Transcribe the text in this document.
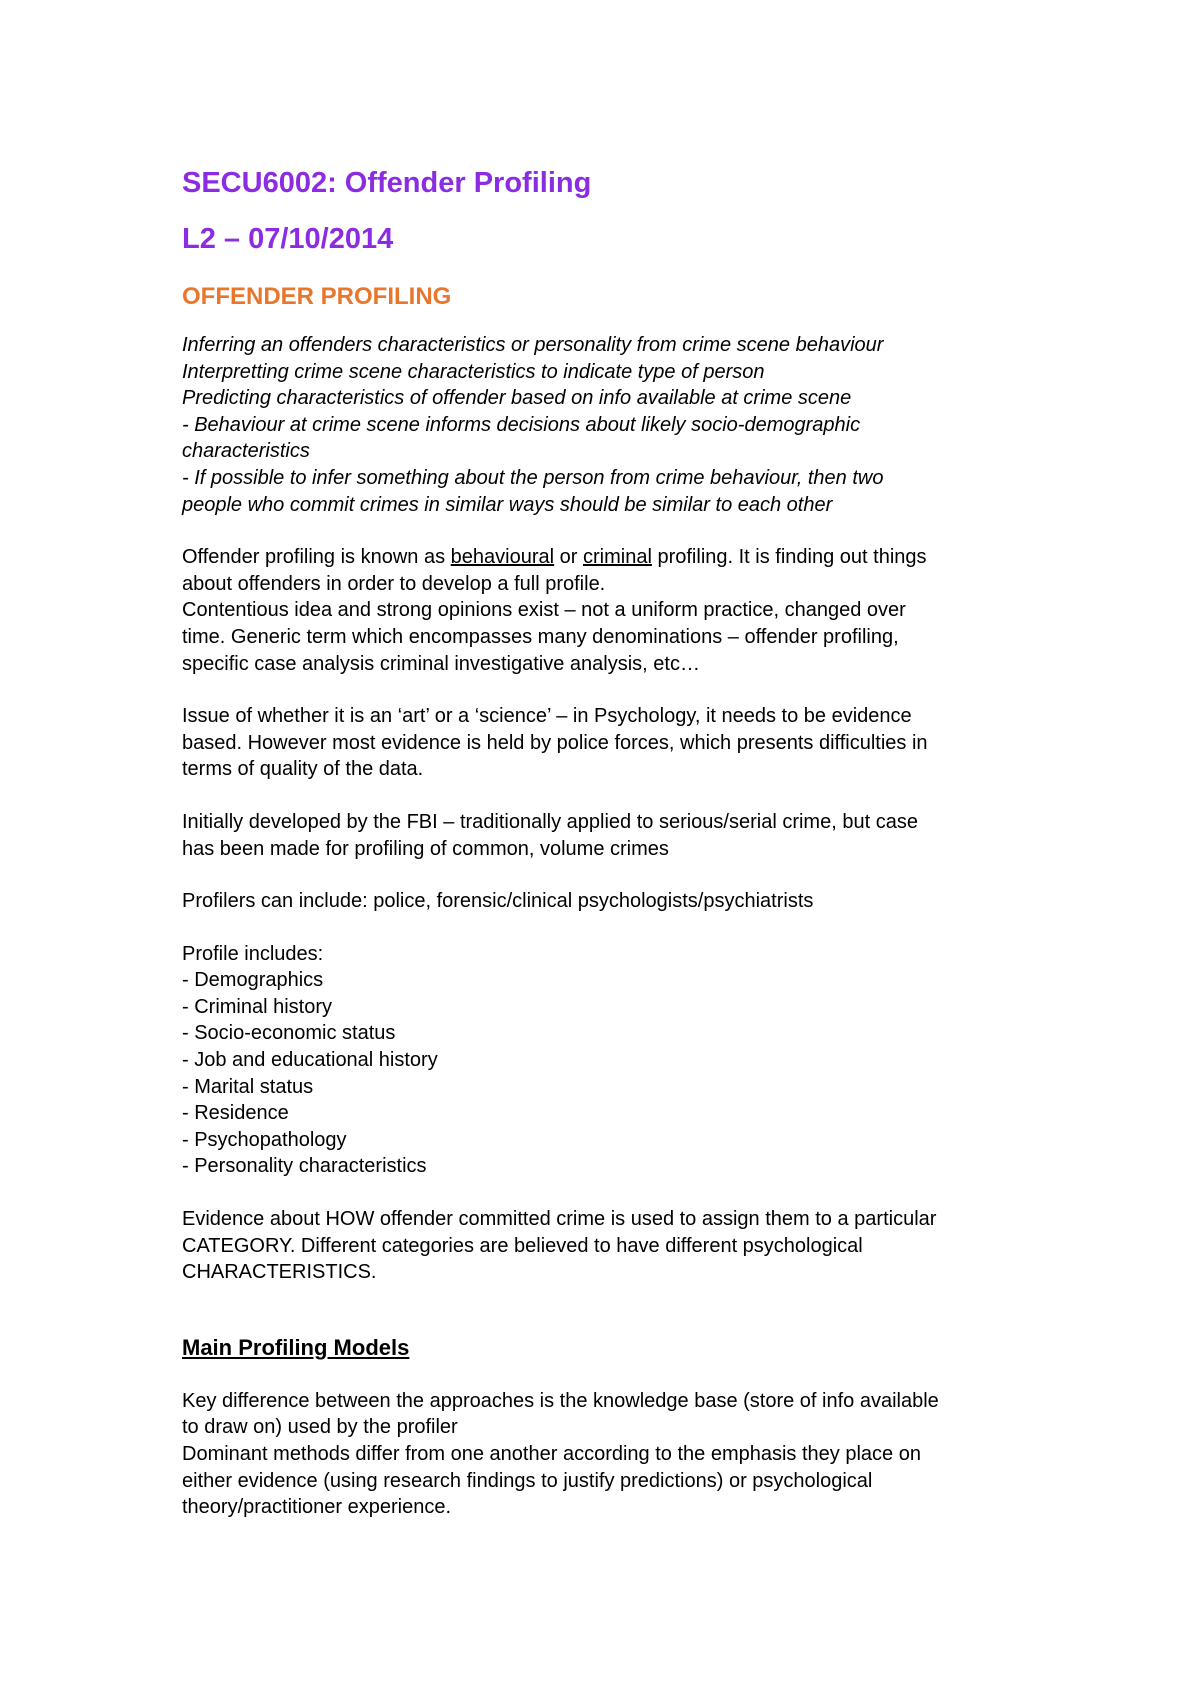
SECU6002: Offender Profiling
L2 – 07/10/2014
OFFENDER PROFILING
Inferring an offenders characteristics or personality from crime scene behaviour
Interpretting crime scene characteristics to indicate type of person
Predicting characteristics of offender based on info available at crime scene
- Behaviour at crime scene informs decisions about likely socio-demographic
characteristics
- If possible to infer something about the person from crime behaviour, then two
people who commit crimes in similar ways should be similar to each other
Offender profiling is known as behavioural or criminal profiling. It is finding out things
about offenders in order to develop a full profile.
Contentious idea and strong opinions exist – not a uniform practice, changed over
time. Generic term which encompasses many denominations – offender profiling,
specific case analysis criminal investigative analysis, etc…
Issue of whether it is an ‘art’ or a ‘science’ – in Psychology, it needs to be evidence
based. However most evidence is held by police forces, which presents difficulties in
terms of quality of the data.
Initially developed by the FBI – traditionally applied to serious/serial crime, but case
has been made for profiling of common, volume crimes
Profilers can include: police, forensic/clinical psychologists/psychiatrists
Profile includes:
- Demographics
- Criminal history
- Socio-economic status
- Job and educational history
- Marital status
- Residence
- Psychopathology
- Personality characteristics
Evidence about HOW offender committed crime is used to assign them to a particular
CATEGORY. Different categories are believed to have different psychological
CHARACTERISTICS.
Main Profiling Models
Key difference between the approaches is the knowledge base (store of info available
to draw on) used by the profiler
Dominant methods differ from one another according to the emphasis they place on
either evidence (using research findings to justify predictions) or psychological
theory/practitioner experience.
